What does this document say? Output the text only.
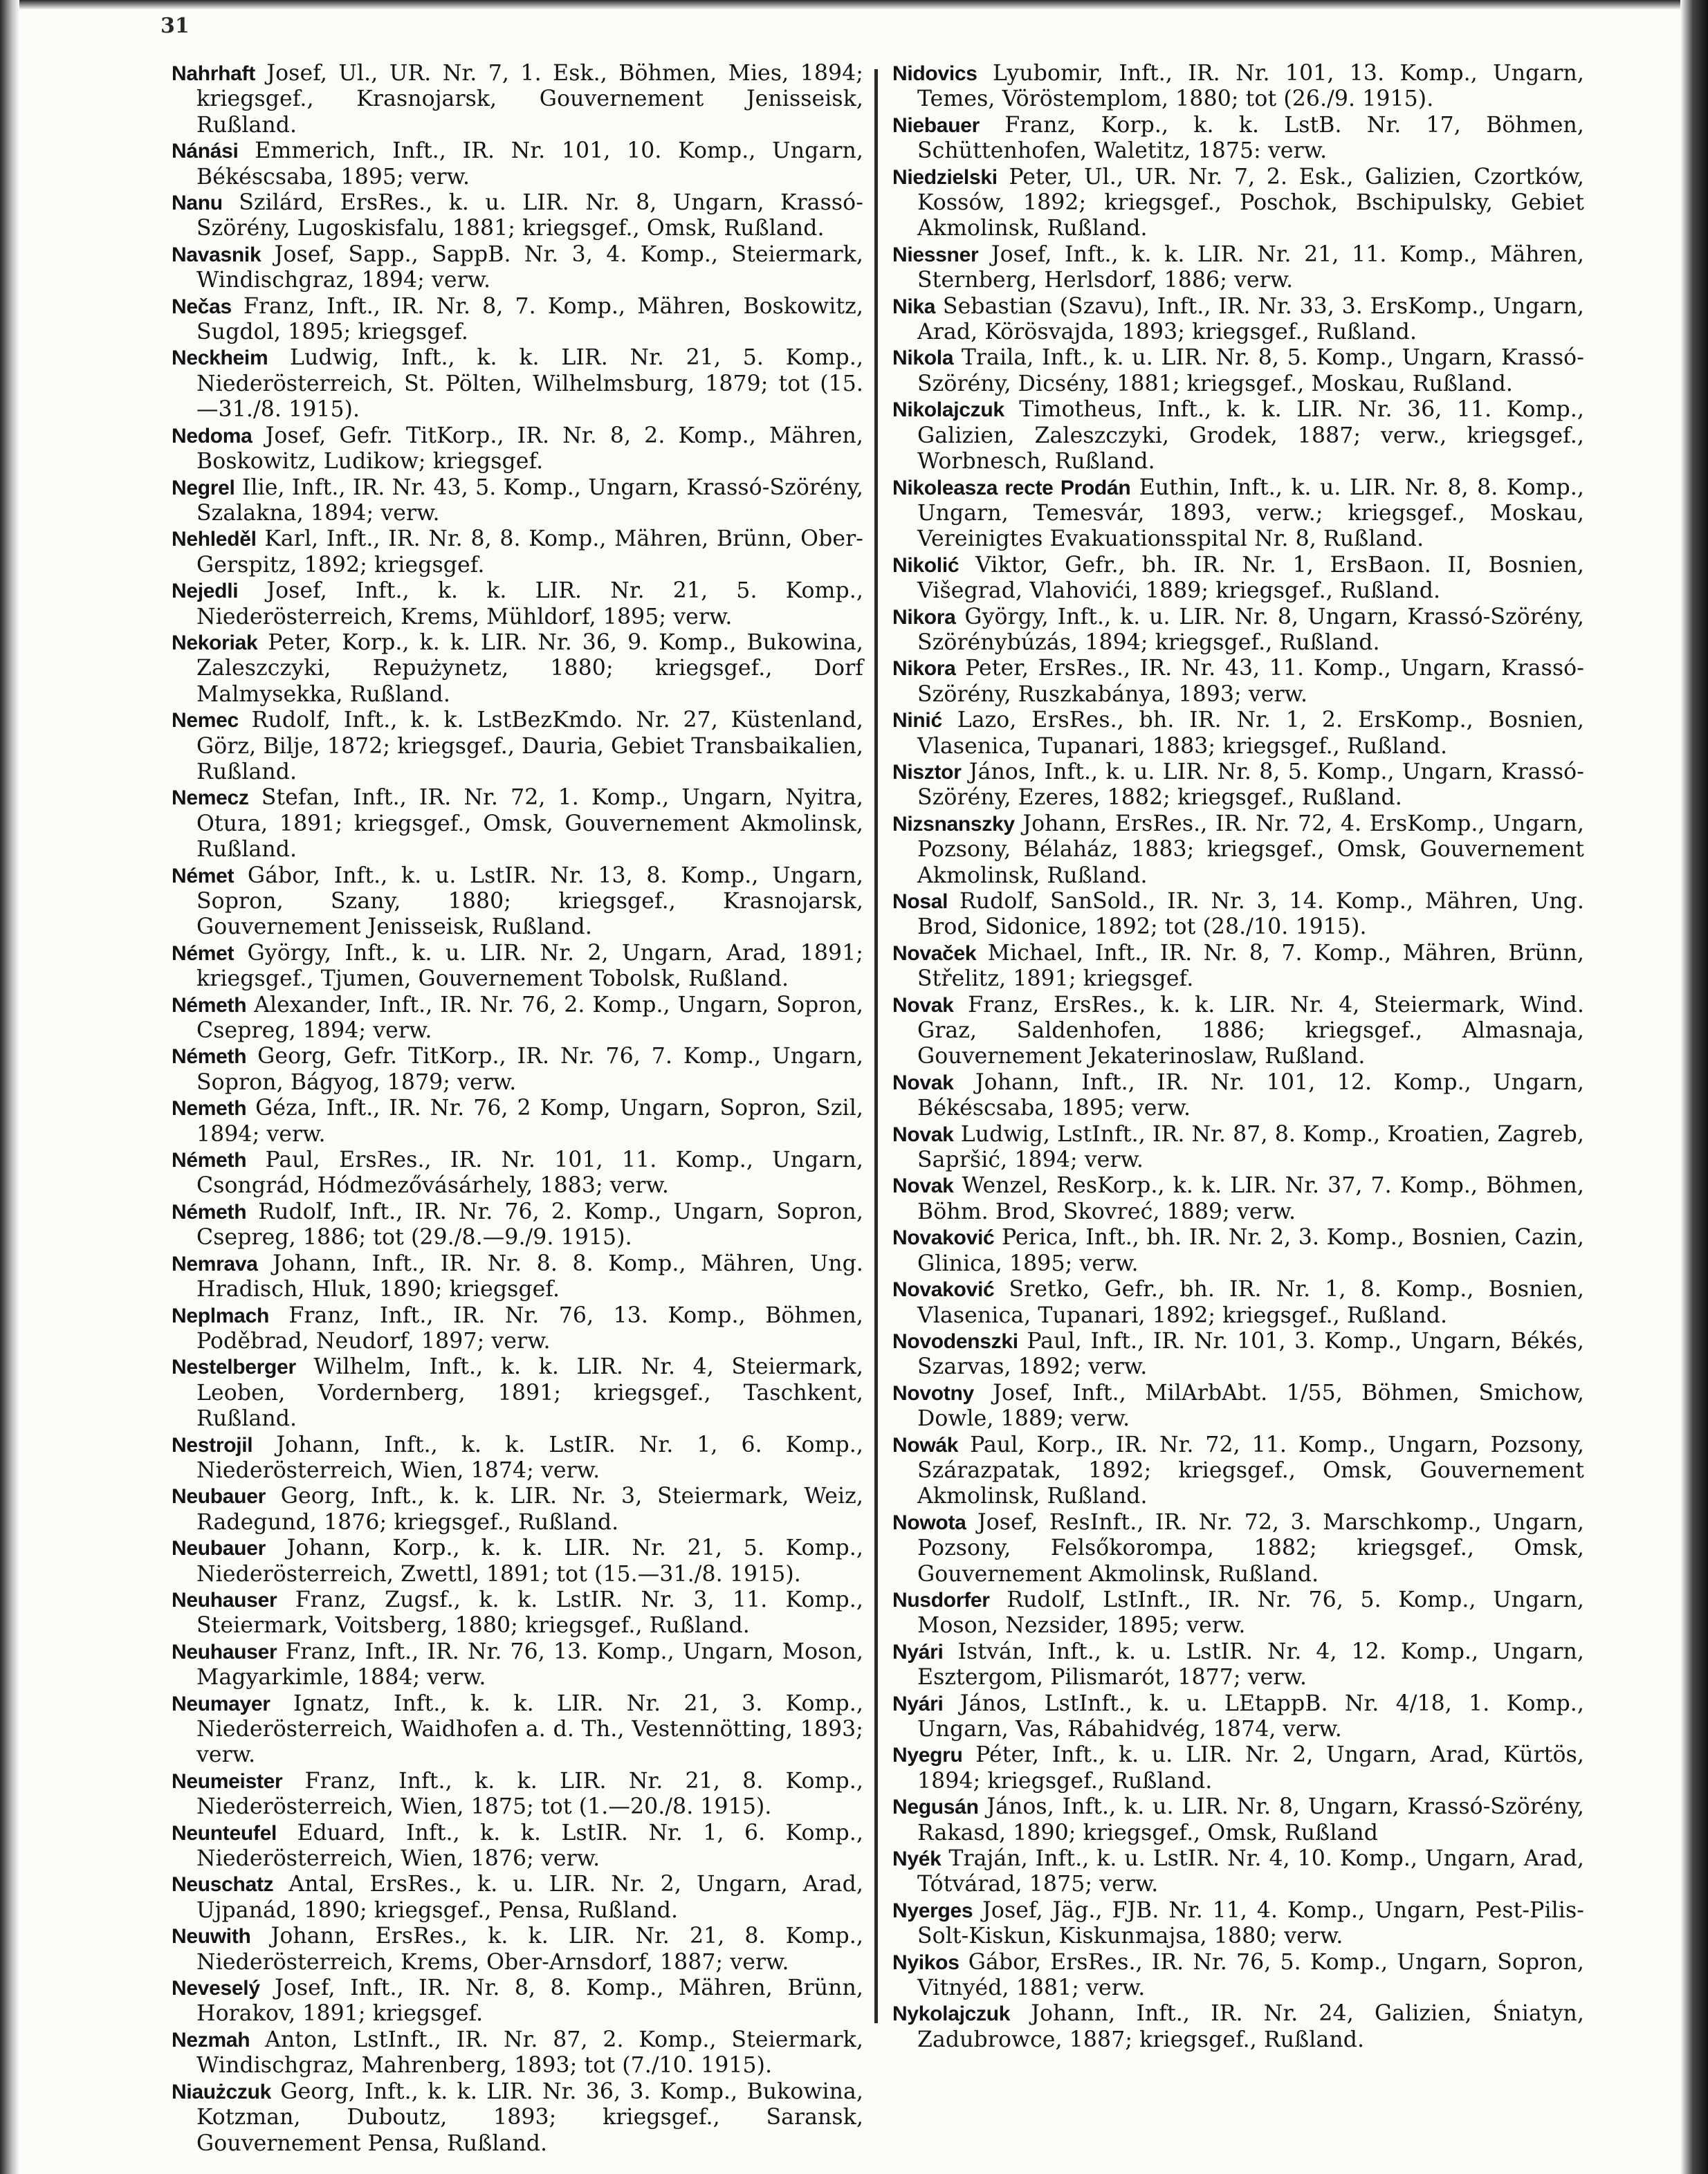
31

Nahrhaft Josef, Ul., UR. Nr. 7, 1. Esk., Böhmen, Mies, 1894; kriegsgef., Krasnojarsk, Gouvernement Jenisseisk, Rußland.

Nánási Emmerich, Inft., IR. Nr. 101, 10. Komp., Ungarn, Békéscsaba, 1895; verw.

Nanu Szilárd, ErsRes., k. u. LIR. Nr. 8, Ungarn, Krassó-Szörény, Lugoskisfalu, 1881; kriegsgef., Omsk, Rußland.

Navasnik Josef, Sapp., SappB. Nr. 3, 4. Komp., Steiermark, Windischgraz, 1894; verw.

Nečas Franz, Inft., IR. Nr. 8, 7. Komp., Mähren, Boskowitz, Sugdol, 1895; kriegsgef.

Neckheim Ludwig, Inft., k. k. LIR. Nr. 21, 5. Komp., Niederösterreich, St. Pölten, Wilhelmsburg, 1879; tot (15.—31./8. 1915).

Nedoma Josef, Gefr. TitKorp., IR. Nr. 8, 2. Komp., Mähren, Boskowitz, Ludikow; kriegsgef.

Negrel Ilie, Inft., IR. Nr. 43, 5. Komp., Ungarn, Krassó-Szörény, Szalakna, 1894; verw.

Nehleděl Karl, Inft., IR. Nr. 8, 8. Komp., Mähren, Brünn, Ober-Gerspitz, 1892; kriegsgef.

Nejedli Josef, Inft., k. k. LIR. Nr. 21, 5. Komp., Niederösterreich, Krems, Mühldorf, 1895; verw.

Nekoriak Peter, Korp., k. k. LIR. Nr. 36, 9. Komp., Bukowina, Zaleszczyki, Repużynetz, 1880; kriegsgef., Dorf Malmysekka, Rußland.

Nemec Rudolf, Inft., k. k. LstBezKmdo. Nr. 27, Küstenland, Görz, Bilje, 1872; kriegsgef., Dauria, Gebiet Transbaikalien, Rußland.

Nemecz Stefan, Inft., IR. Nr. 72, 1. Komp., Ungarn, Nyitra, Otura, 1891; kriegsgef., Omsk, Gouvernement Akmolinsk, Rußland.

Német Gábor, Inft., k. u. LstIR. Nr. 13, 8. Komp., Ungarn, Sopron, Szany, 1880; kriegsgef., Krasnojarsk, Gouvernement Jenisseisk, Rußland.

Német György, Inft., k. u. LIR. Nr. 2, Ungarn, Arad, 1891; kriegsgef., Tjumen, Gouvernement Tobolsk, Rußland.

Németh Alexander, Inft., IR. Nr. 76, 2. Komp., Ungarn, Sopron, Csepreg, 1894; verw.

Németh Georg, Gefr. TitKorp., IR. Nr. 76, 7. Komp., Ungarn, Sopron, Bágyog, 1879; verw.

Nemeth Géza, Inft., IR. Nr. 76, 2 Komp, Ungarn, Sopron, Szil, 1894; verw.

Németh Paul, ErsRes., IR. Nr. 101, 11. Komp., Ungarn, Csongrád, Hódmezővásárhely, 1883; verw.

Németh Rudolf, Inft., IR. Nr. 76, 2. Komp., Ungarn, Sopron, Csepreg, 1886; tot (29./8.—9./9. 1915).

Nemrava Johann, Inft., IR. Nr. 8. 8. Komp., Mähren, Ung. Hradisch, Hluk, 1890; kriegsgef.

Neplmach Franz, Inft., IR. Nr. 76, 13. Komp., Böhmen, Poděbrad, Neudorf, 1897; verw.

Nestelberger Wilhelm, Inft., k. k. LIR. Nr. 4, Steiermark, Leoben, Vordernberg, 1891; kriegsgef., Taschkent, Rußland.

Nestrojil Johann, Inft., k. k. LstIR. Nr. 1, 6. Komp., Niederösterreich, Wien, 1874; verw.

Neubauer Georg, Inft., k. k. LIR. Nr. 3, Steiermark, Weiz, Radegund, 1876; kriegsgef., Rußland.

Neubauer Johann, Korp., k. k. LIR. Nr. 21, 5. Komp., Niederösterreich, Zwettl, 1891; tot (15.—31./8. 1915).

Neuhauser Franz, Zugsf., k. k. LstIR. Nr. 3, 11. Komp., Steiermark, Voitsberg, 1880; kriegsgef., Rußland.

Neuhauser Franz, Inft., IR. Nr. 76, 13. Komp., Ungarn, Moson, Magyarkimle, 1884; verw.

Neumayer Ignatz, Inft., k. k. LIR. Nr. 21, 3. Komp., Niederösterreich, Waidhofen a. d. Th., Vestennötting, 1893; verw.

Neumeister Franz, Inft., k. k. LIR. Nr. 21, 8. Komp., Niederösterreich, Wien, 1875; tot (1.—20./8. 1915).

Neunteufel Eduard, Inft., k. k. LstIR. Nr. 1, 6. Komp., Niederösterreich, Wien, 1876; verw.

Neuschatz Antal, ErsRes., k. u. LIR. Nr. 2, Ungarn, Arad, Ujpanád, 1890; kriegsgef., Pensa, Rußland.

Neuwith Johann, ErsRes., k. k. LIR. Nr. 21, 8. Komp., Niederösterreich, Krems, Ober-Arnsdorf, 1887; verw.

Neveselý Josef, Inft., IR. Nr. 8, 8. Komp., Mähren, Brünn, Horakov, 1891; kriegsgef.

Nezmah Anton, LstInft., IR. Nr. 87, 2. Komp., Steiermark, Windischgraz, Mahrenberg, 1893; tot (7./10. 1915).

Niaużczuk Georg, Inft., k. k. LIR. Nr. 36, 3. Komp., Bukowina, Kotzman, Duboutz, 1893; kriegsgef., Saransk, Gouvernement Pensa, Rußland.

Nidovics Lyubomir, Inft., IR. Nr. 101, 13. Komp., Ungarn, Temes, Vöröstemplom, 1880; tot (26./9. 1915).

Niebauer Franz, Korp., k. k. LstB. Nr. 17, Böhmen, Schüttenhofen, Waletitz, 1875: verw.

Niedzielski Peter, Ul., UR. Nr. 7, 2. Esk., Galizien, Czortków, Kossów, 1892; kriegsgef., Poschok, Bschipulsky, Gebiet Akmolinsk, Rußland.

Niessner Josef, Inft., k. k. LIR. Nr. 21, 11. Komp., Mähren, Sternberg, Herlsdorf, 1886; verw.

Nika Sebastian (Szavu), Inft., IR. Nr. 33, 3. ErsKomp., Ungarn, Arad, Körösvajda, 1893; kriegsgef., Rußland.

Nikola Traila, Inft., k. u. LIR. Nr. 8, 5. Komp., Ungarn, Krassó-Szörény, Dicsény, 1881; kriegsgef., Moskau, Rußland.

Nikolajczuk Timotheus, Inft., k. k. LIR. Nr. 36, 11. Komp., Galizien, Zaleszczyki, Grodek, 1887; verw., kriegsgef., Worbnesch, Rußland.

Nikoleasza recte Prodán Euthin, Inft., k. u. LIR. Nr. 8, 8. Komp., Ungarn, Temesvár, 1893, verw.; kriegsgef., Moskau, Vereinigtes Evakuationsspital Nr. 8, Rußland.

Nikolić Viktor, Gefr., bh. IR. Nr. 1, ErsBaon. II, Bosnien, Višegrad, Vlahovići, 1889; kriegsgef., Rußland.

Nikora György, Inft., k. u. LIR. Nr. 8, Ungarn, Krassó-Szörény, Szörénybúzás, 1894; kriegsgef., Rußland.

Nikora Peter, ErsRes., IR. Nr. 43, 11. Komp., Ungarn, Krassó-Szörény, Ruszkabánya, 1893; verw.

Ninić Lazo, ErsRes., bh. IR. Nr. 1, 2. ErsKomp., Bosnien, Vlasenica, Tupanari, 1883; kriegsgef., Rußland.

Nisztor János, Inft., k. u. LIR. Nr. 8, 5. Komp., Ungarn, Krassó-Szörény, Ezeres, 1882; kriegsgef., Rußland.

Nizsnanszky Johann, ErsRes., IR. Nr. 72, 4. ErsKomp., Ungarn, Pozsony, Bélaház, 1883; kriegsgef., Omsk, Gouvernement Akmolinsk, Rußland.

Nosal Rudolf, SanSold., IR. Nr. 3, 14. Komp., Mähren, Ung. Brod, Sidonice, 1892; tot (28./10. 1915).

Novaček Michael, Inft., IR. Nr. 8, 7. Komp., Mähren, Brünn, Střelitz, 1891; kriegsgef.

Novak Franz, ErsRes., k. k. LIR. Nr. 4, Steiermark, Wind. Graz, Saldenhofen, 1886; kriegsgef., Almasnaja, Gouvernement Jekaterinoslaw, Rußland.

Novak Johann, Inft., IR. Nr. 101, 12. Komp., Ungarn, Békéscsaba, 1895; verw.

Novak Ludwig, LstInft., IR. Nr. 87, 8. Komp., Kroatien, Zagreb, Sapršić, 1894; verw.

Novak Wenzel, ResKorp., k. k. LIR. Nr. 37, 7. Komp., Böhmen, Böhm. Brod, Skovreć, 1889; verw.

Novaković Perica, Inft., bh. IR. Nr. 2, 3. Komp., Bosnien, Cazin, Glinica, 1895; verw.

Novaković Sretko, Gefr., bh. IR. Nr. 1, 8. Komp., Bosnien, Vlasenica, Tupanari, 1892; kriegsgef., Rußland.

Novodenszki Paul, Inft., IR. Nr. 101, 3. Komp., Ungarn, Békés, Szarvas, 1892; verw.

Novotny Josef, Inft., MilArbAbt. 1/55, Böhmen, Smichow, Dowle, 1889; verw.

Nowák Paul, Korp., IR. Nr. 72, 11. Komp., Ungarn, Pozsony, Szárazpatak, 1892; kriegsgef., Omsk, Gouvernement Akmolinsk, Rußland.

Nowota Josef, ResInft., IR. Nr. 72, 3. Marschkomp., Ungarn, Pozsony, Felsőkorompa, 1882; kriegsgef., Omsk, Gouvernement Akmolinsk, Rußland.

Nusdorfer Rudolf, LstInft., IR. Nr. 76, 5. Komp., Ungarn, Moson, Nezsider, 1895; verw.

Nyári István, Inft., k. u. LstIR. Nr. 4, 12. Komp., Ungarn, Esztergom, Pilismarót, 1877; verw.

Nyári János, LstInft., k. u. LEtappB. Nr. 4/18, 1. Komp., Ungarn, Vas, Rábahidvég, 1874, verw.

Nyegru Péter, Inft., k. u. LIR. Nr. 2, Ungarn, Arad, Kürtös, 1894; kriegsgef., Rußland.

Negusán János, Inft., k. u. LIR. Nr. 8, Ungarn, Krassó-Szörény, Rakasd, 1890; kriegsgef., Omsk, Rußland

Nyék Traján, Inft., k. u. LstIR. Nr. 4, 10. Komp., Ungarn, Arad, Tótvárad, 1875; verw.

Nyerges Josef, Jäg., FJB. Nr. 11, 4. Komp., Ungarn, Pest-Pilis-Solt-Kiskun, Kiskunmajsa, 1880; verw.

Nyikos Gábor, ErsRes., IR. Nr. 76, 5. Komp., Ungarn, Sopron, Vitnyéd, 1881; verw.

Nykolajczuk Johann, Inft., IR. Nr. 24, Galizien, Śniatyn, Zadubrowce, 1887; kriegsgef., Rußland.
